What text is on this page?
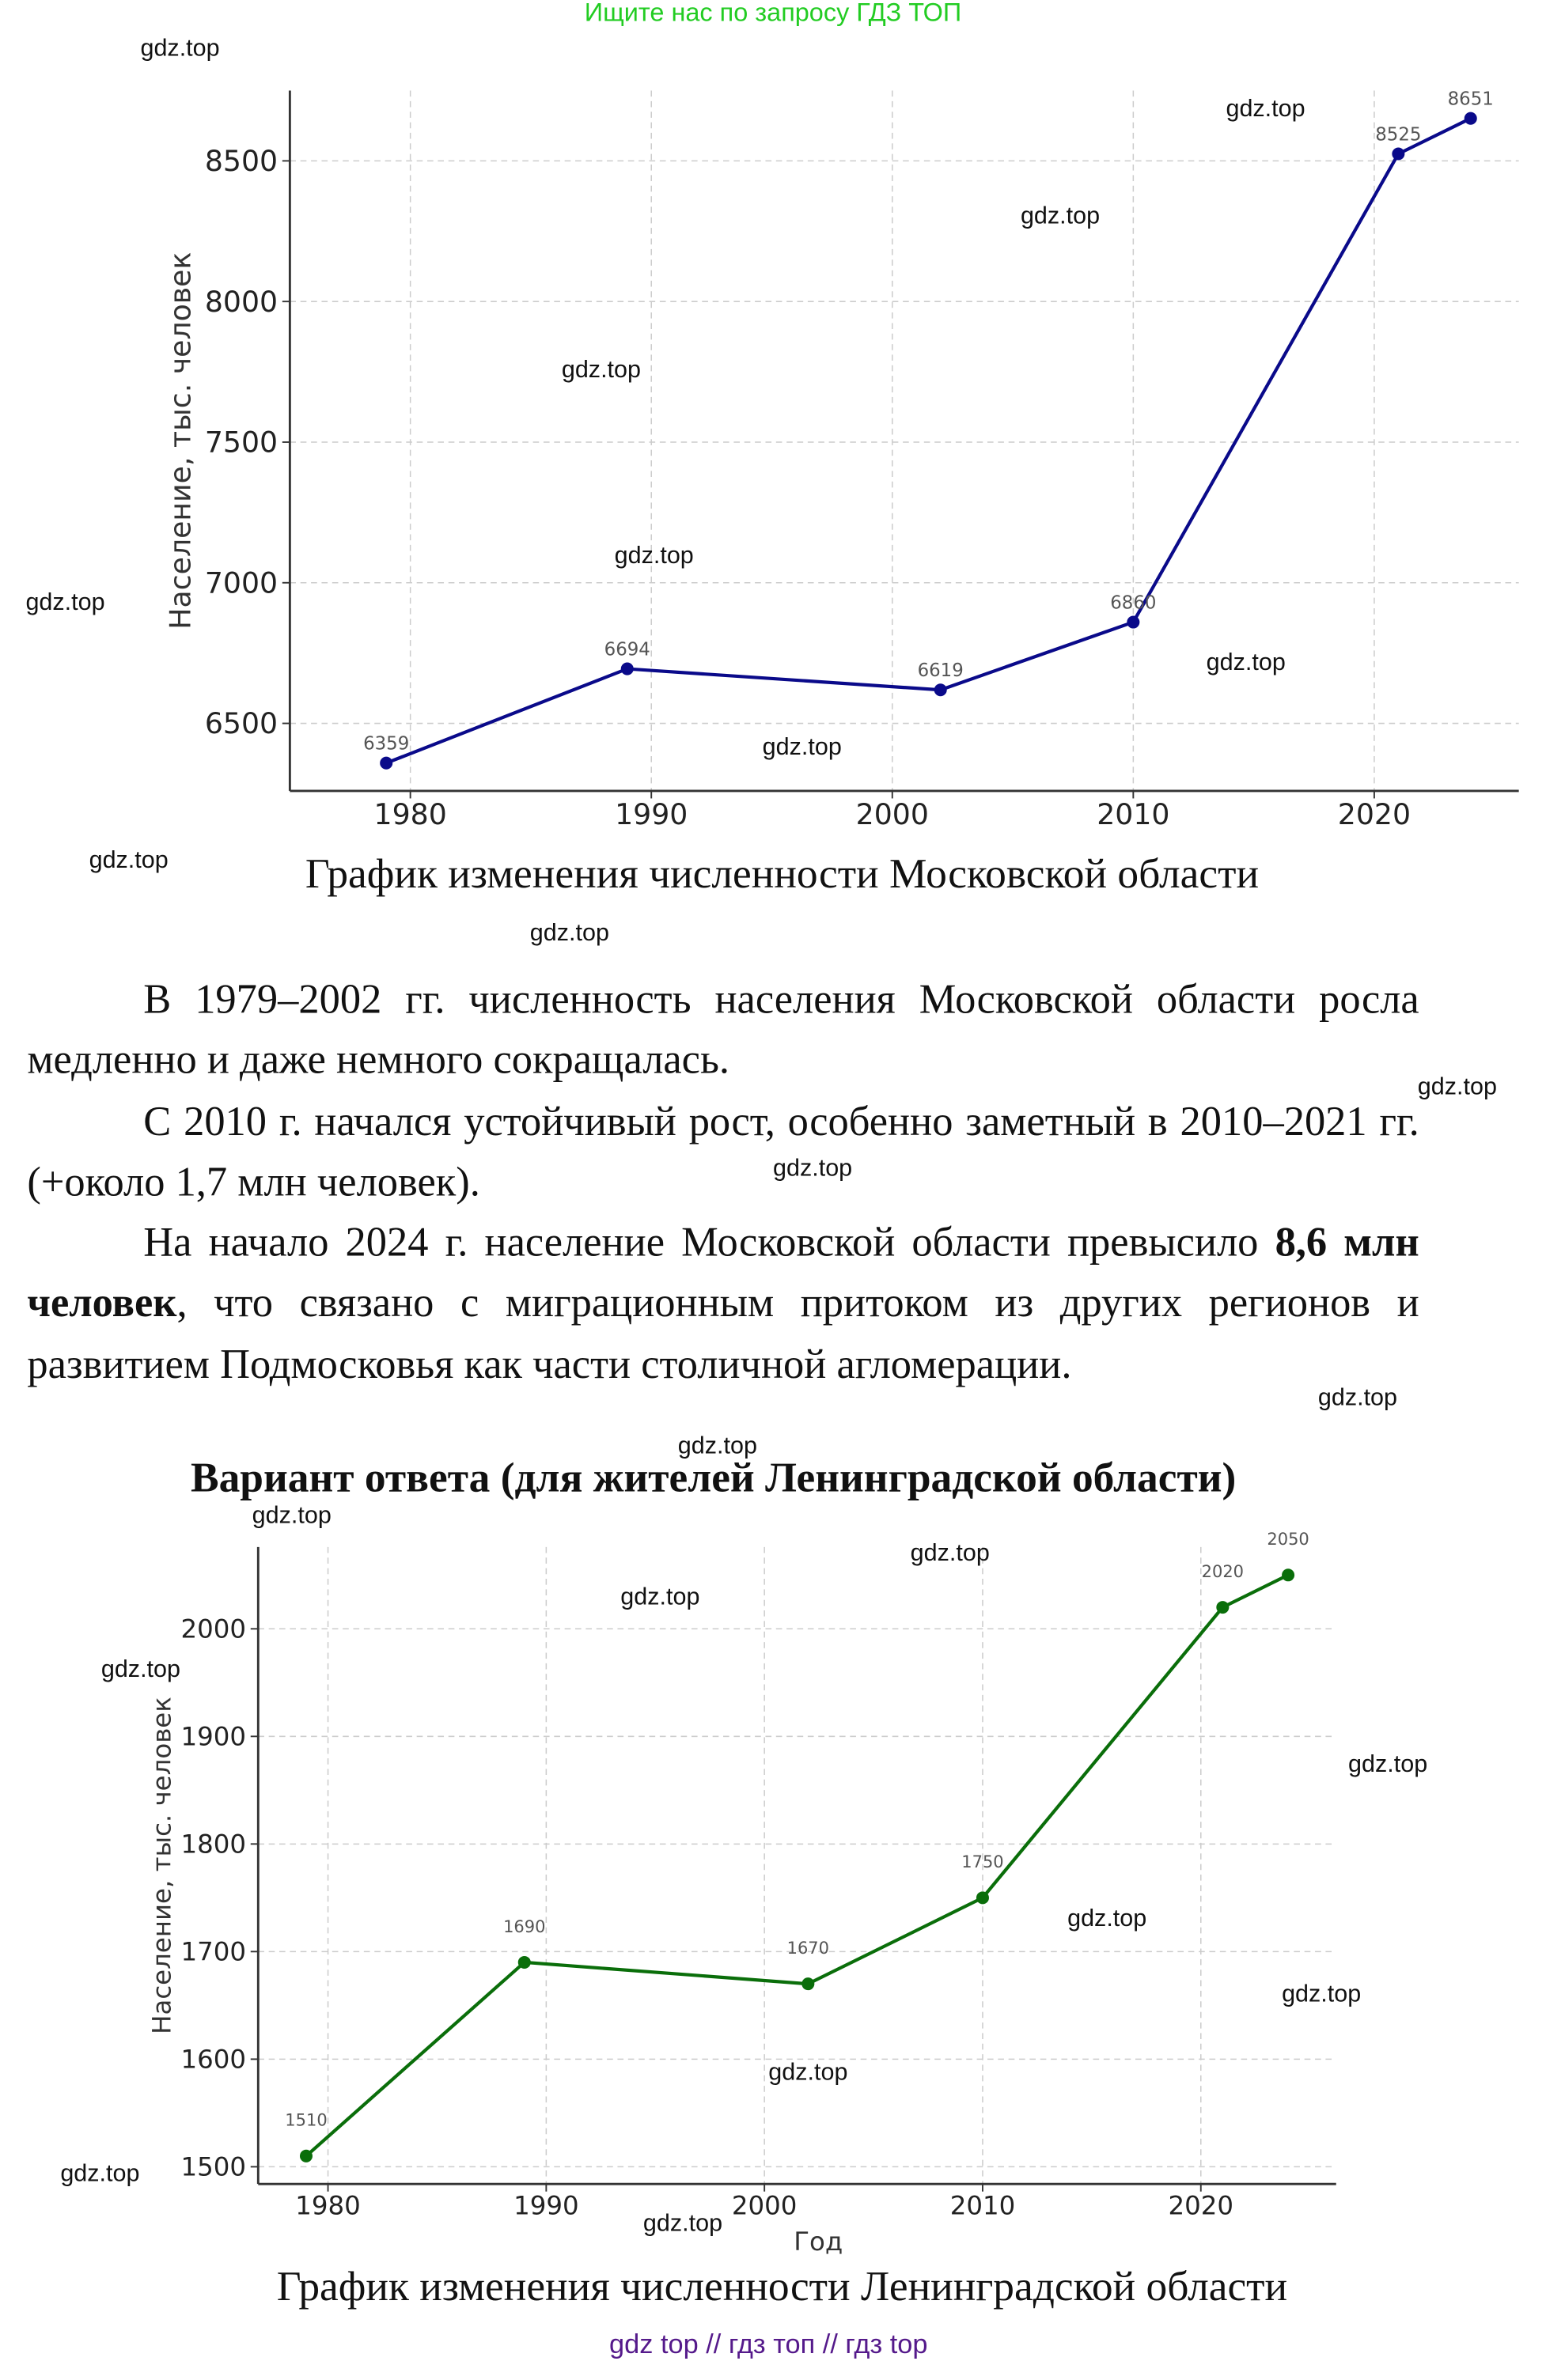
Ищите нас по запросу ГДЗ ТОП
1980	1990	2000	2010	2020
6500
7000
7500
8000
8500
Население, тыс. человек
6359
6694
6619
6860
8525
8651
График изменения численности Московской области

В 1979–2002 гг. численность населения Московской области росла медленно и даже немного сокращалась.

С 2010 г. начался устойчивый рост, особенно заметный в 2010–2021 гг. (+около 1,7 млн человек).

На начало 2024 г. население Московской области превысило 8,6 млн человек, что связано с миграционным притоком из других регионов и развитием Подмосковья как части столичной агломерации.

Вариант ответа (для жителей Ленинградской области)
1980	1990	2000	2010	2020
1500
1600
1700
1800
1900
2000
Население, тыс. человек
Год
1510
1690
1670
1750
2020
2050
График изменения численности Ленинградской области
gdz top // гдз топ // гдз top
gdz.top
gdz.top
gdz.top
gdz.top
gdz.top
gdz.top
gdz.top
gdz.top
gdz.top
gdz.top
gdz.top
gdz.top
gdz.top
gdz.top
gdz.top
gdz.top
gdz.top
gdz.top
gdz.top
gdz.top
gdz.top
gdz.top
gdz.top
gdz.top
